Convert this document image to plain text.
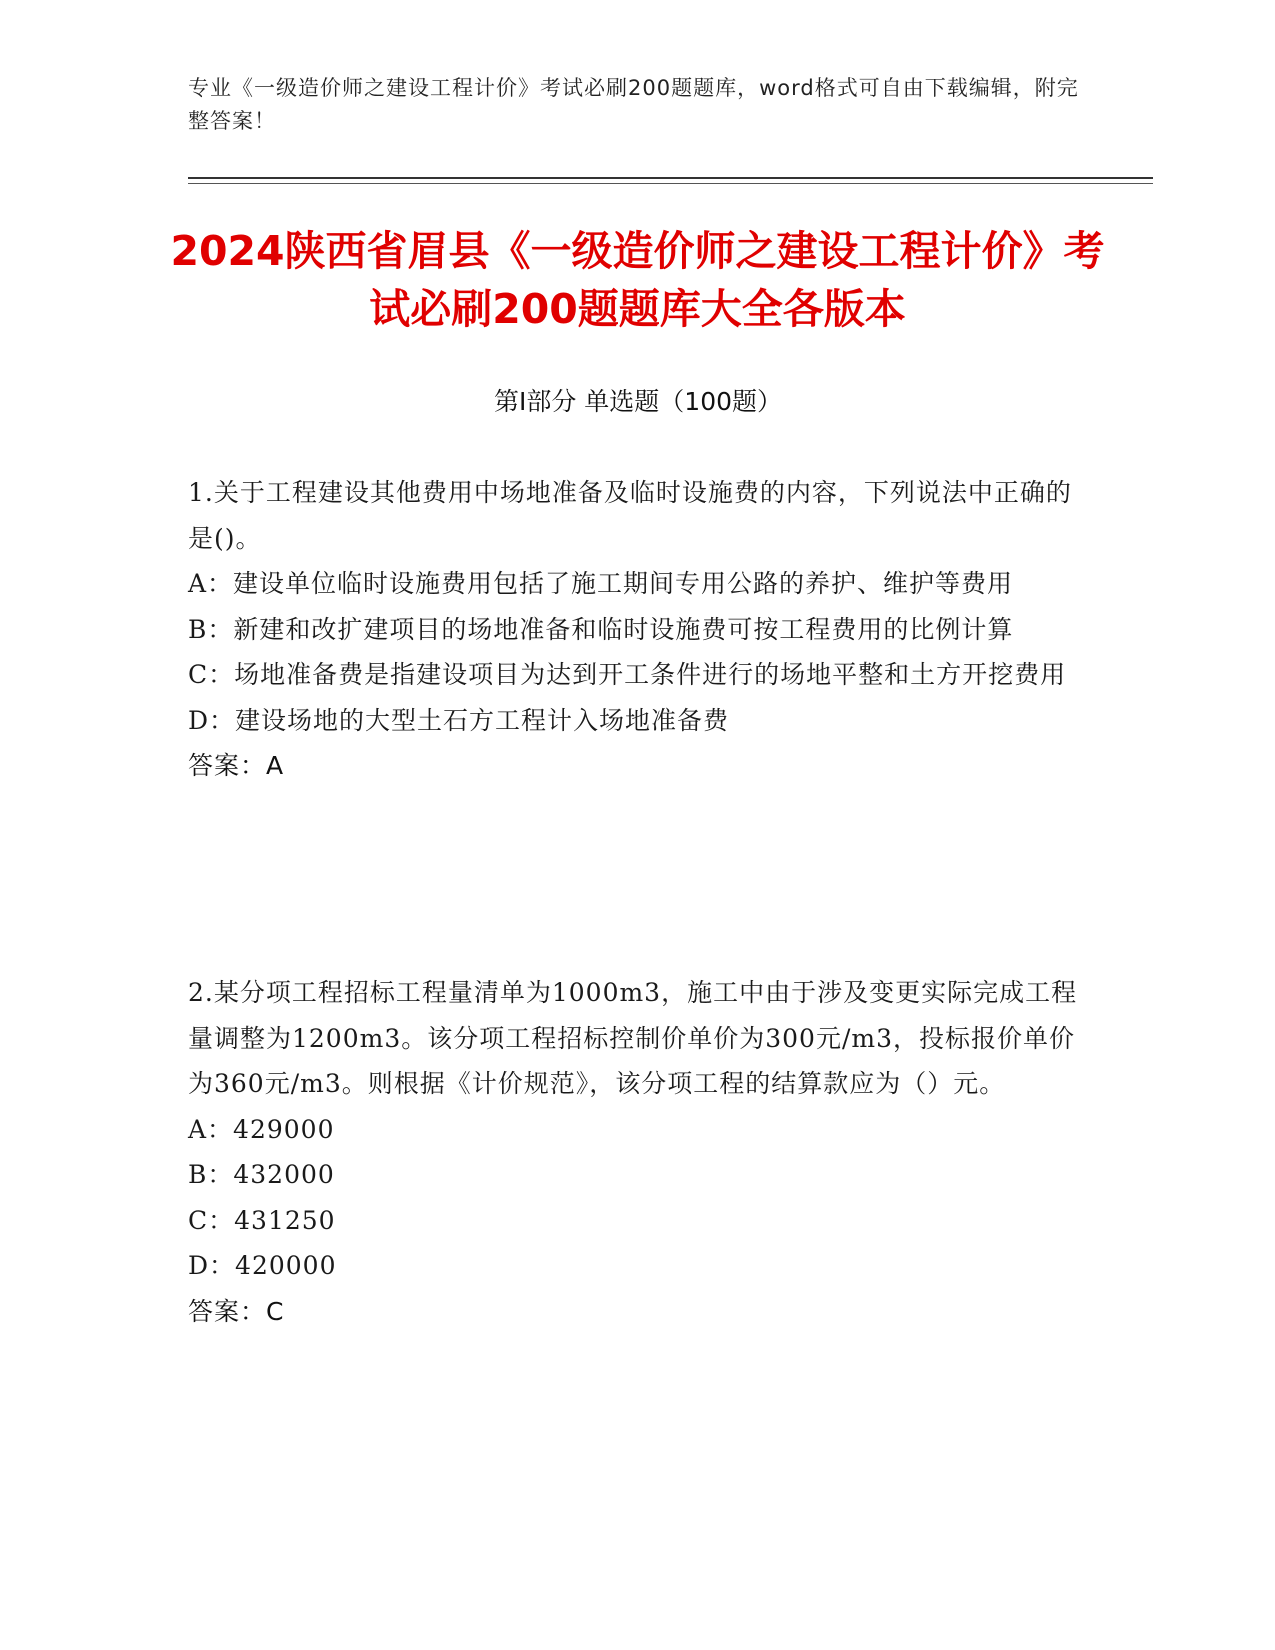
专业《一级造价师之建设工程计价》考试必刷200题题库，word格式可自由下载编辑，附完整答案！
2024陕西省眉县《一级造价师之建设工程计价》考试必刷200题题库大全各版本
第I部分 单选题（100题）

1.关于工程建设其他费用中场地准备及临时设施费的内容，下列说法中正确的是()。

A：建设单位临时设施费用包括了施工期间专用公路的养护、维护等费用

B：新建和改扩建项目的场地准备和临时设施费可按工程费用的比例计算

C：场地准备费是指建设项目为达到开工条件进行的场地平整和土方开挖费用

D：建设场地的大型土石方工程计入场地准备费

答案：A

2.某分项工程招标工程量清单为1000m3，施工中由于涉及变更实际完成工程量调整为1200m3。该分项工程招标控制价单价为300元/m3，投标报价单价为360元/m3。则根据《计价规范》，该分项工程的结算款应为（）元。

A：429000

B：432000

C：431250

D：420000

答案：C
